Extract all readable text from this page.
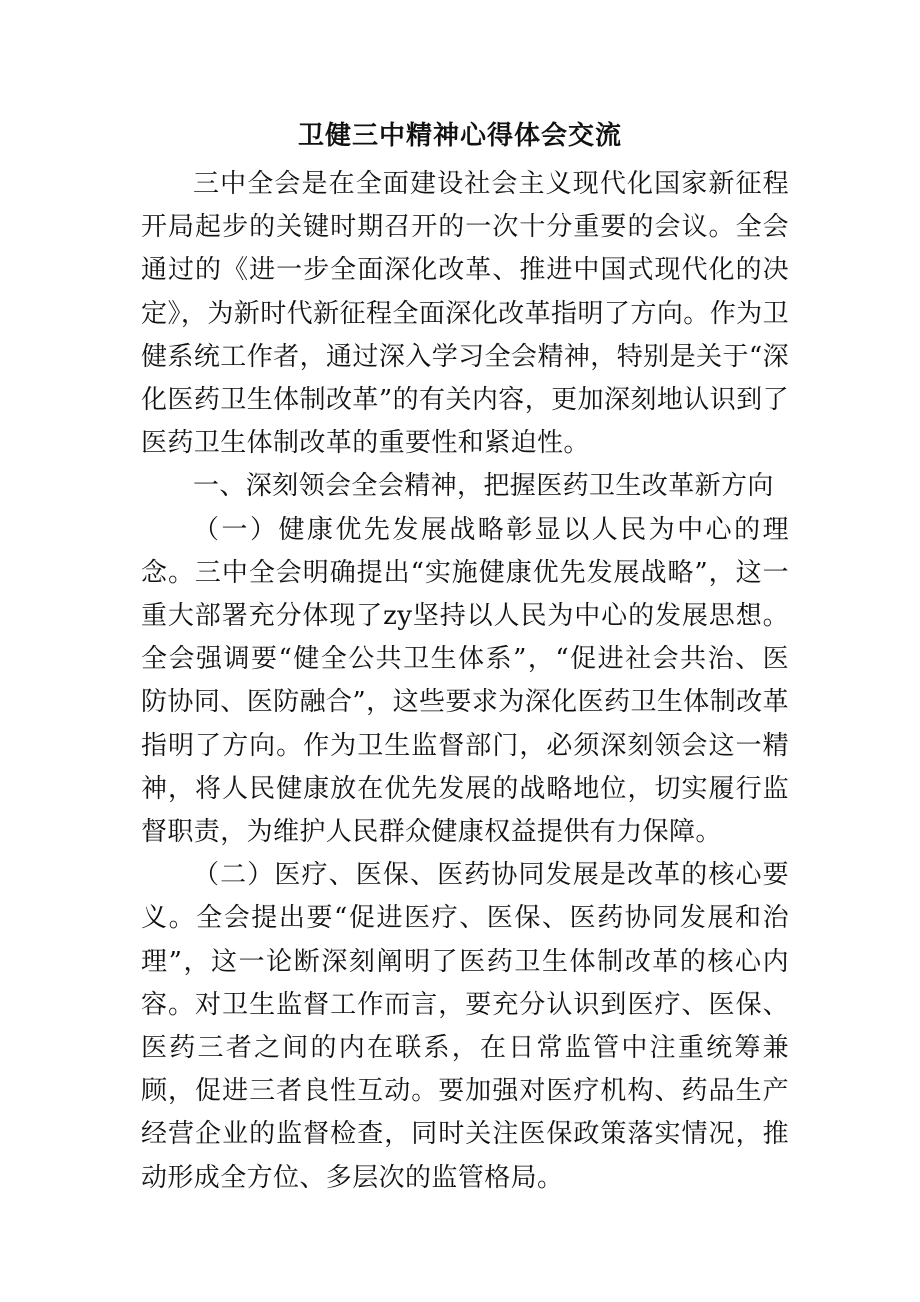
卫健三中精神心得体会交流

三中全会是在全面建设社会主义现代化国家新征程开局起步的关键时期召开的一次十分重要的会议。全会通过的《进一步全面深化改革、推进中国式现代化的决定》，为新时代新征程全面深化改革指明了方向。作为卫健系统工作者，通过深入学习全会精神，特别是关于“深化医药卫生体制改革”的有关内容，更加深刻地认识到了医药卫生体制改革的重要性和紧迫性。

一、深刻领会全会精神，把握医药卫生改革新方向

（一）健康优先发展战略彰显以人民为中心的理念。三中全会明确提出“实施健康优先发展战略”，这一重大部署充分体现了zy坚持以人民为中心的发展思想。全会强调要“健全公共卫生体系”，“促进社会共治、医防协同、医防融合”，这些要求为深化医药卫生体制改革指明了方向。作为卫生监督部门，必须深刻领会这一精神，将人民健康放在优先发展的战略地位，切实履行监督职责，为维护人民群众健康权益提供有力保障。

（二）医疗、医保、医药协同发展是改革的核心要义。全会提出要“促进医疗、医保、医药协同发展和治理”，这一论断深刻阐明了医药卫生体制改革的核心内容。对卫生监督工作而言，要充分认识到医疗、医保、医药三者之间的内在联系，在日常监管中注重统筹兼顾，促进三者良性互动。要加强对医疗机构、药品生产经营企业的监督检查，同时关注医保政策落实情况，推动形成全方位、多层次的监管格局。
